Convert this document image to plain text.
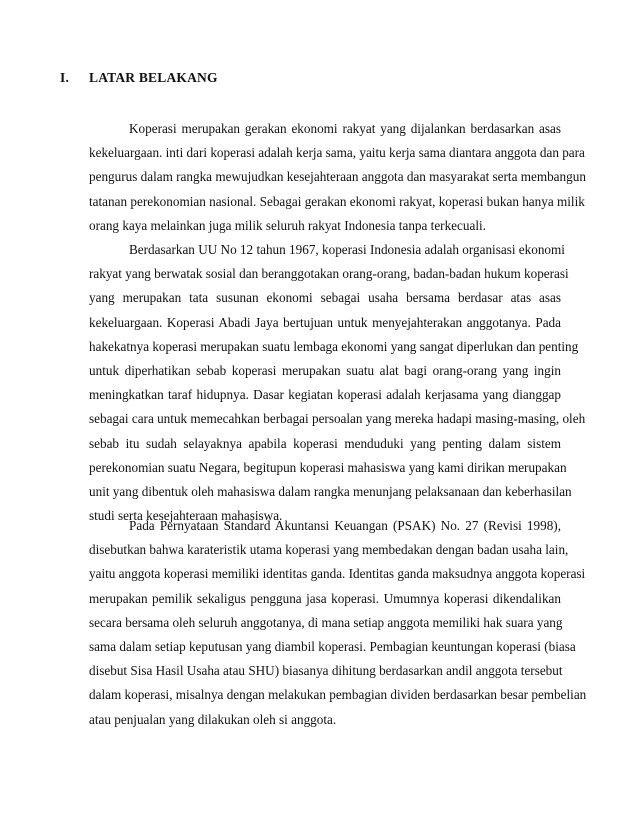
I. LATAR BELAKANG
Koperasi merupakan gerakan ekonomi rakyat yang dijalankan berdasarkan asas
kekeluargaan. inti dari koperasi adalah kerja sama, yaitu kerja sama diantara anggota dan para
pengurus dalam rangka mewujudkan kesejahteraan anggota dan masyarakat serta membangun
tatanan perekonomian nasional. Sebagai gerakan ekonomi rakyat, koperasi bukan hanya milik
orang kaya melainkan juga milik seluruh rakyat Indonesia tanpa terkecuali.
Berdasarkan UU No 12 tahun 1967, koperasi Indonesia adalah organisasi ekonomi
rakyat yang berwatak sosial dan beranggotakan orang-orang, badan-badan hukum koperasi
yang merupakan tata susunan ekonomi sebagai usaha bersama berdasar atas asas
kekeluargaan. Koperasi Abadi Jaya bertujuan untuk menyejahterakan anggotanya. Pada
hakekatnya koperasi merupakan suatu lembaga ekonomi yang sangat diperlukan dan penting
untuk diperhatikan sebab koperasi merupakan suatu alat bagi orang-orang yang ingin
meningkatkan taraf hidupnya. Dasar kegiatan koperasi adalah kerjasama yang dianggap
sebagai cara untuk memecahkan berbagai persoalan yang mereka hadapi masing-masing, oleh
sebab itu sudah selayaknya apabila koperasi menduduki yang penting dalam sistem
perekonomian suatu Negara, begitupun koperasi mahasiswa yang kami dirikan merupakan
unit yang dibentuk oleh mahasiswa dalam rangka menunjang pelaksanaan dan keberhasilan
studi serta kesejahteraan mahasiswa.
Pada Pernyataan Standard Akuntansi Keuangan (PSAK) No. 27 (Revisi 1998),
disebutkan bahwa karateristik utama koperasi yang membedakan dengan badan usaha lain,
yaitu anggota koperasi memiliki identitas ganda. Identitas ganda maksudnya anggota koperasi
merupakan pemilik sekaligus pengguna jasa koperasi. Umumnya koperasi dikendalikan
secara bersama oleh seluruh anggotanya, di mana setiap anggota memiliki hak suara yang
sama dalam setiap keputusan yang diambil koperasi. Pembagian keuntungan koperasi (biasa
disebut Sisa Hasil Usaha atau SHU) biasanya dihitung berdasarkan andil anggota tersebut
dalam koperasi, misalnya dengan melakukan pembagian dividen berdasarkan besar pembelian
atau penjualan yang dilakukan oleh si anggota.
